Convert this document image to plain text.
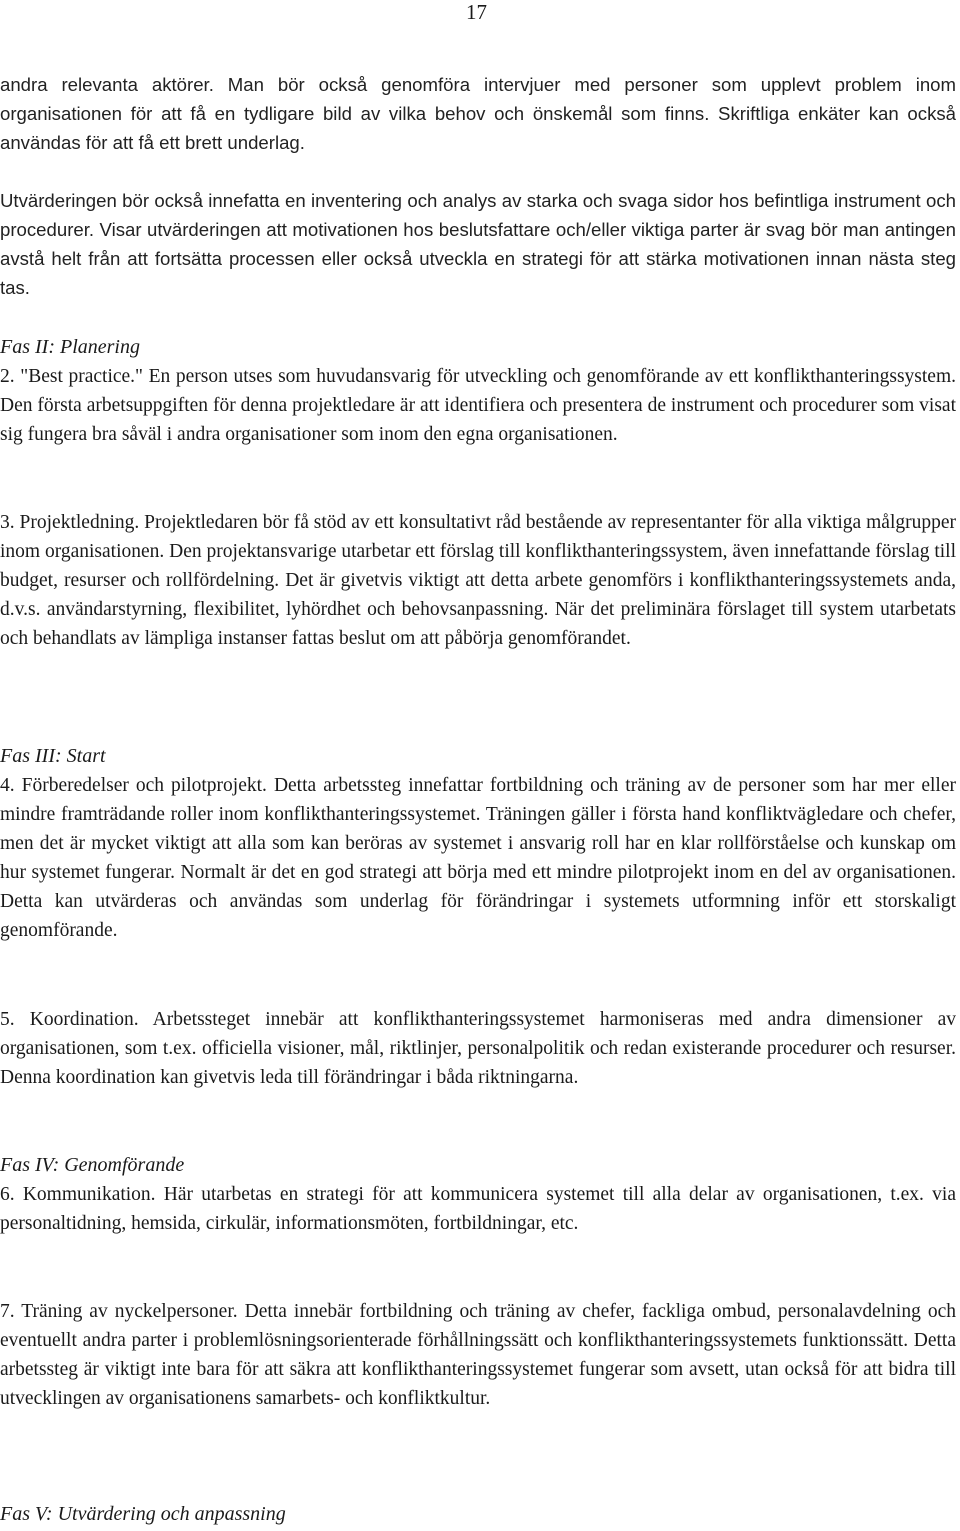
17

andra relevanta aktörer. Man bör också genomföra intervjuer med personer som upplevt problem inom organisationen för att få en tydligare bild av vilka behov och önskemål som finns. Skriftliga enkäter kan också användas för att få ett brett underlag.

Utvärderingen bör också innefatta en inventering och analys av starka och svaga sidor hos befintliga instrument och procedurer. Visar utvärderingen att motivationen hos beslutsfattare och/eller viktiga parter är svag bör man antingen avstå helt från att fortsätta processen eller också utveckla en strategi för att stärka motivationen innan nästa steg tas.

Fas II: Planering

2. "Best practice." En person utses som huvudansvarig för utveckling och genomförande av ett konflikthanteringssystem. Den första arbetsuppgiften för denna projektledare är att identifiera och presentera de instrument och procedurer som visat sig fungera bra såväl i andra organisationer som inom den egna organisationen.

3. Projektledning. Projektledaren bör få stöd av ett konsultativt råd bestående av representanter för alla viktiga målgrupper inom organisationen. Den projektansvarige utarbetar ett förslag till konflikthanteringssystem, även innefattande förslag till budget, resurser och rollfördelning. Det är givetvis viktigt att detta arbete genomförs i konflikthanteringssystemets anda, d.v.s. användarstyrning, flexibilitet, lyhördhet och behovsanpassning. När det preliminära förslaget till system utarbetats och behandlats av lämpliga instanser fattas beslut om att påbörja genomförandet.

Fas III: Start

4. Förberedelser och pilotprojekt. Detta arbetssteg innefattar fortbildning och träning av de personer som har mer eller mindre framträdande roller inom konflikthanteringssystemet. Träningen gäller i första hand konfliktvägledare och chefer, men det är mycket viktigt att alla som kan beröras av systemet i ansvarig roll har en klar rollförståelse och kunskap om hur systemet fungerar. Normalt är det en god strategi att börja med ett mindre pilotprojekt inom en del av organisationen. Detta kan utvärderas och användas som underlag för förändringar i systemets utformning inför ett storskaligt genomförande.

5. Koordination. Arbetssteget innebär att konflikthanteringssystemet harmoniseras med andra dimensioner av organisationen, som t.ex. officiella visioner, mål, riktlinjer, personalpolitik och redan existerande procedurer och resurser. Denna koordination kan givetvis leda till förändringar i båda riktningarna.

Fas IV: Genomförande

6. Kommunikation. Här utarbetas en strategi för att kommunicera systemet till alla delar av organisationen, t.ex. via personaltidning, hemsida, cirkulär, informationsmöten, fortbildningar, etc.

7. Träning av nyckelpersoner. Detta innebär fortbildning och träning av chefer, fackliga ombud, personalavdelning och eventuellt andra parter i problemlösningsorienterade förhållningssätt och konflikthanteringssystemets funktionssätt. Detta arbetssteg är viktigt inte bara för att säkra att konflikthanteringssystemet fungerar som avsett, utan också för att bidra till utvecklingen av organisationens samarbets- och konfliktkultur.

Fas V: Utvärdering och anpassning
